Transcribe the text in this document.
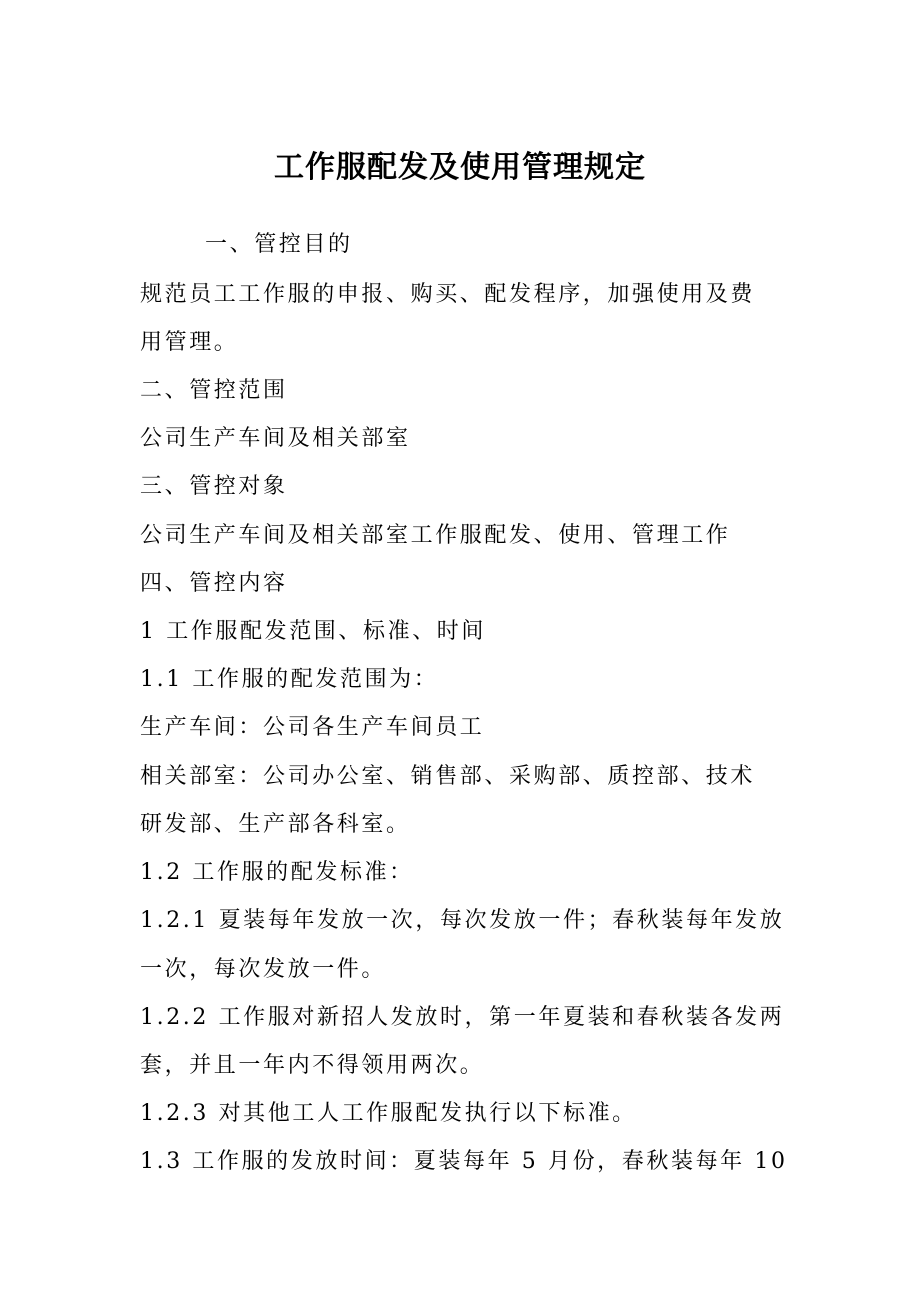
工作服配发及使用管理规定
一、管控目的
规范员工工作服的申报、购买、配发程序，加强使用及费
用管理。
二、管控范围
公司生产车间及相关部室
三、管控对象
公司生产车间及相关部室工作服配发、使用、管理工作
四、管控内容
1 工作服配发范围、标准、时间
1.1 工作服的配发范围为：
生产车间：公司各生产车间员工
相关部室：公司办公室、销售部、采购部、质控部、技术
研发部、生产部各科室。
1.2 工作服的配发标准：
1.2.1 夏装每年发放一次，每次发放一件；春秋装每年发放
一次，每次发放一件。
1.2.2 工作服对新招人发放时，第一年夏装和春秋装各发两
套，并且一年内不得领用两次。
1.2.3 对其他工人工作服配发执行以下标准。
1.3 工作服的发放时间：夏装每年 5 月份，春秋装每年 10
